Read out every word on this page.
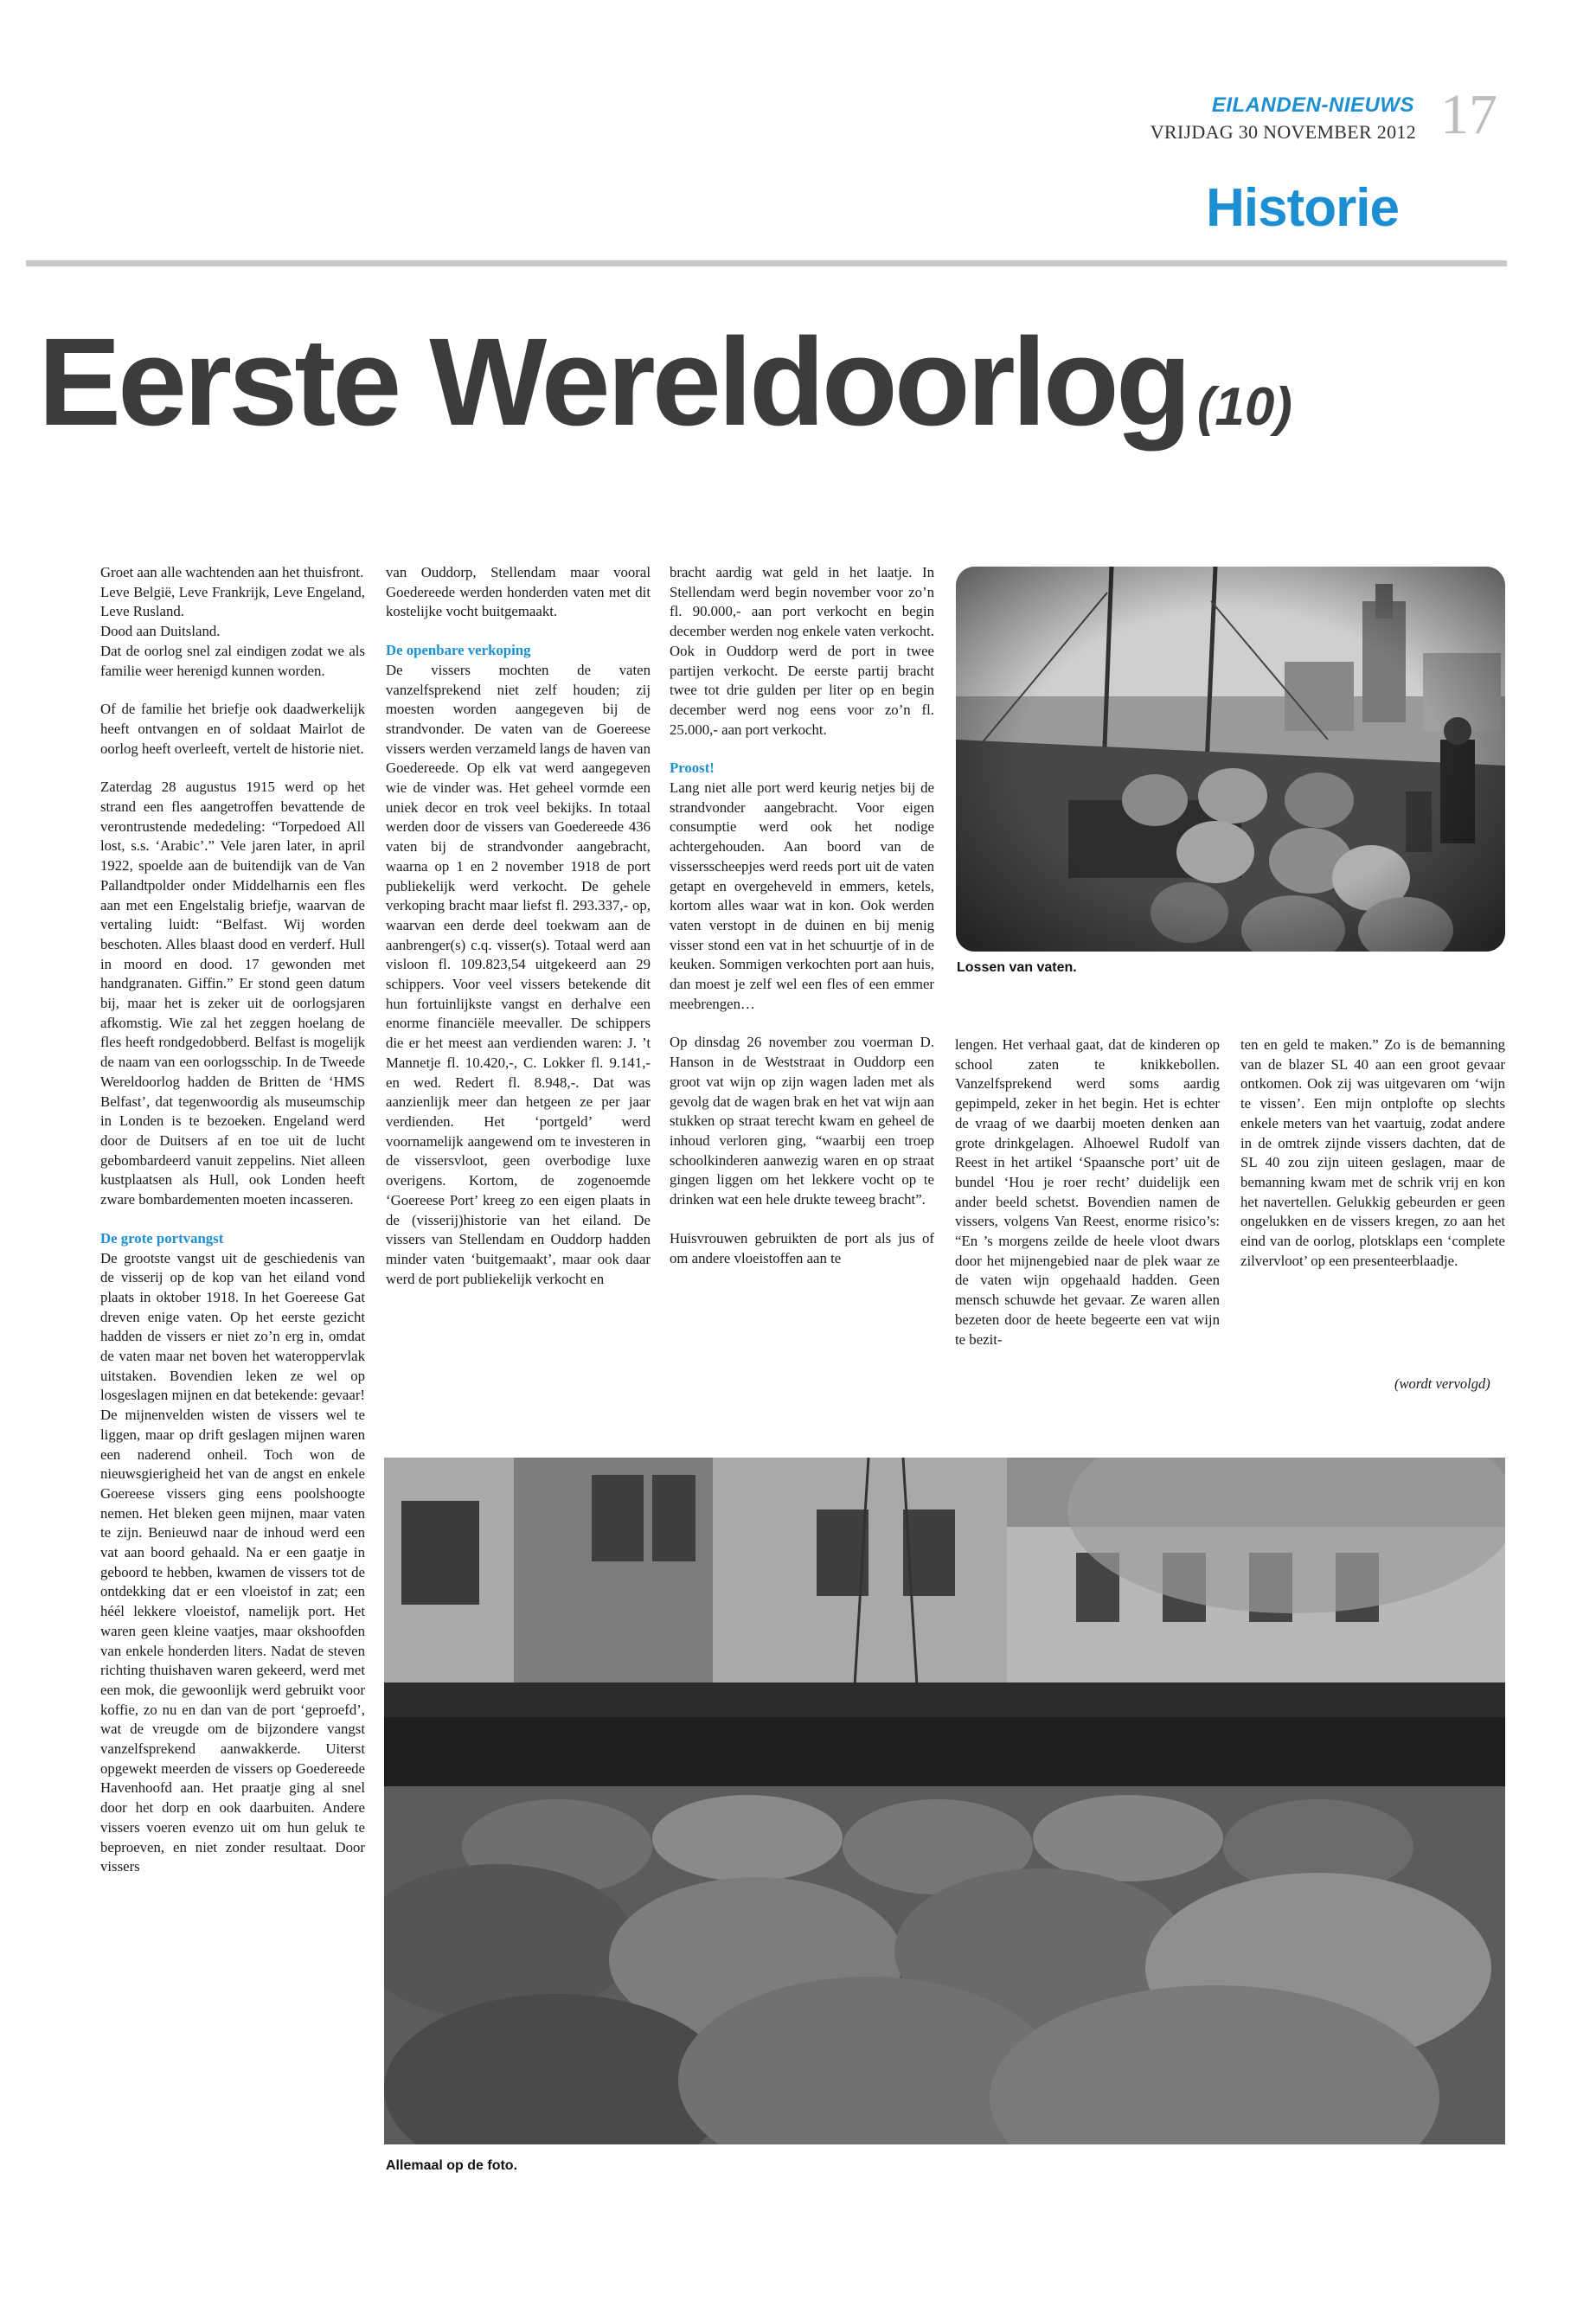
EILANDEN-NIEUWS
VRIJDAG 30 NOVEMBER 2012 17
Historie
Eerste Wereldoorlog (10)

Groet aan alle wachtenden aan het thuisfront.

Leve België, Leve Frankrijk, Leve Engeland, Leve Rusland.

Dood aan Duitsland.

Dat de oorlog snel zal eindigen zodat we als familie weer herenigd kunnen worden.

Of de familie het briefje ook daadwerkelijk heeft ontvangen en of soldaat Mairlot de oorlog heeft overleeft, vertelt de historie niet.

Zaterdag 28 augustus 1915 werd op het strand een fles aangetroffen bevattende de verontrustende mededeling: “Torpedoed All lost, s.s. ‘Arabic’.” Vele jaren later, in april 1922, spoelde aan de buitendijk van de Van Pallandtpolder onder Middelharnis een fles aan met een Engelstalig briefje, waarvan de vertaling luidt: “Belfast. Wij worden beschoten. Alles blaast dood en verderf. Hull in moord en dood. 17 gewonden met handgranaten. Giffin.” Er stond geen datum bij, maar het is zeker uit de oorlogsjaren afkomstig. Wie zal het zeggen hoelang de fles heeft rondgedobberd. Belfast is mogelijk de naam van een oorlogsschip. In de Tweede Wereldoorlog hadden de Britten de ‘HMS Belfast’, dat tegenwoordig als museumschip in Londen is te bezoeken. Engeland werd door de Duitsers af en toe uit de lucht gebombardeerd vanuit zeppelins. Niet alleen kustplaatsen als Hull, ook Londen heeft zware bombardementen moeten incasseren.

De grote portvangst

De grootste vangst uit de geschiedenis van de visserij op de kop van het eiland vond plaats in oktober 1918. In het Goereese Gat dreven enige vaten. Op het eerste gezicht hadden de vissers er niet zo’n erg in, omdat de vaten maar net boven het wateroppervlak uitstaken. Bovendien leken ze wel op losgeslagen mijnen en dat betekende: gevaar! De mijnenvelden wisten de vissers wel te liggen, maar op drift geslagen mijnen waren een naderend onheil. Toch won de nieuwsgierigheid het van de angst en enkele Goereese vissers ging eens poolshoogte nemen. Het bleken geen mijnen, maar vaten te zijn. Benieuwd naar de inhoud werd een vat aan boord gehaald. Na er een gaatje in geboord te hebben, kwamen de vissers tot de ontdekking dat er een vloeistof in zat; een héél lekkere vloeistof, namelijk port. Het waren geen kleine vaatjes, maar okshoofden van enkele honderden liters. Nadat de steven richting thuishaven waren gekeerd, werd met een mok, die gewoonlijk werd gebruikt voor koffie, zo nu en dan van de port ‘geproefd’, wat de vreugde om de bijzondere vangst vanzelfsprekend aanwakkerde. Uiterst opgewekt meerden de vissers op Goedereede Havenhoofd aan. Het praatje ging al snel door het dorp en ook daarbuiten. Andere vissers voeren evenzo uit om hun geluk te beproeven, en niet zonder resultaat. Door vissers

van Ouddorp, Stellendam maar vooral Goedereede werden honderden vaten met dit kostelijke vocht buitgemaakt.

De openbare verkoping

De vissers mochten de vaten vanzelfsprekend niet zelf houden; zij moesten worden aangegeven bij de strandvonder. De vaten van de Goereese vissers werden verzameld langs de haven van Goedereede. Op elk vat werd aangegeven wie de vinder was. Het geheel vormde een uniek decor en trok veel bekijks. In totaal werden door de vissers van Goedereede 436 vaten bij de strandvonder aangebracht, waarna op 1 en 2 november 1918 de port publiekelijk werd verkocht. De gehele verkoping bracht maar liefst fl. 293.337,- op, waarvan een derde deel toekwam aan de aanbrenger(s) c.q. visser(s). Totaal werd aan visloon fl. 109.823,54 uitgekeerd aan 29 schippers. Voor veel vissers betekende dit hun fortuinlijkste vangst en derhalve een enorme financiële meevaller. De schippers die er het meest aan verdienden waren: J. ’t Mannetje fl. 10.420,-, C. Lokker fl. 9.141,- en wed. Redert fl. 8.948,-. Dat was aanzienlijk meer dan hetgeen ze per jaar verdienden. Het ‘portgeld’ werd voornamelijk aangewend om te investeren in de vissersvloot, geen overbodige luxe overigens. Kortom, de zogenoemde ‘Goereese Port’ kreeg zo een eigen plaats in de (visserij)historie van het eiland. De vissers van Stellendam en Ouddorp hadden minder vaten ‘buitgemaakt’, maar ook daar werd de port publiekelijk verkocht en

bracht aardig wat geld in het laatje. In Stellendam werd begin november voor zo’n fl. 90.000,- aan port verkocht en begin december werden nog enkele vaten verkocht. Ook in Ouddorp werd de port in twee partijen verkocht. De eerste partij bracht twee tot drie gulden per liter op en begin december werd nog eens voor zo’n fl. 25.000,- aan port verkocht.

Proost!

Lang niet alle port werd keurig netjes bij de strandvonder aangebracht. Voor eigen consumptie werd ook het nodige achtergehouden. Aan boord van de vissersscheepjes werd reeds port uit de vaten getapt en overgeheveld in emmers, ketels, kortom alles waar wat in kon. Ook werden vaten verstopt in de duinen en bij menig visser stond een vat in het schuurtje of in de keuken. Sommigen verkochten port aan huis, dan moest je zelf wel een fles of een emmer meebrengen…

Op dinsdag 26 november zou voerman D. Hanson in de Weststraat in Ouddorp een groot vat wijn op zijn wagen laden met als gevolg dat de wagen brak en het vat wijn aan stukken op straat terecht kwam en geheel de inhoud verloren ging, “waarbij een troep schoolkinderen aanwezig waren en op straat gingen liggen om het lekkere vocht op te drinken wat een hele drukte teweeg bracht”.

Huisvrouwen gebruikten de port als jus of om andere vloeistoffen aan te

lengen. Het verhaal gaat, dat de kinderen op school zaten te knikkebollen. Vanzelfsprekend werd soms aardig gepimpeld, zeker in het begin. Het is echter de vraag of we daarbij moeten denken aan grote drinkgelagen. Alhoewel Rudolf van Reest in het artikel ‘Spaansche port’ uit de bundel ‘Hou je roer recht’ duidelijk een ander beeld schetst. Bovendien namen de vissers, volgens Van Reest, enorme risico’s: “En ’s morgens zeilde de heele vloot dwars door het mijnengebied naar de plek waar ze de vaten wijn opgehaald hadden. Geen mensch schuwde het gevaar. Ze waren allen bezeten door de heete begeerte een vat wijn te bezit-

ten en geld te maken.” Zo is de bemanning van de blazer SL 40 aan een groot gevaar ontkomen. Ook zij was uitgevaren om ‘wijn te vissen’. Een mijn ontplofte op slechts enkele meters van het vaartuig, zodat andere in de omtrek zijnde vissers dachten, dat de SL 40 zou zijn uiteen geslagen, maar de bemanning kwam met de schrik vrij en kon het navertellen. Gelukkig gebeurden er geen ongelukken en de vissers kregen, zo aan het eind van de oorlog, plotsklaps een ‘complete zilvervloot’ op een presenteerblaadje.

(wordt vervolgd)
Lossen van vaten.
Allemaal op de foto.
